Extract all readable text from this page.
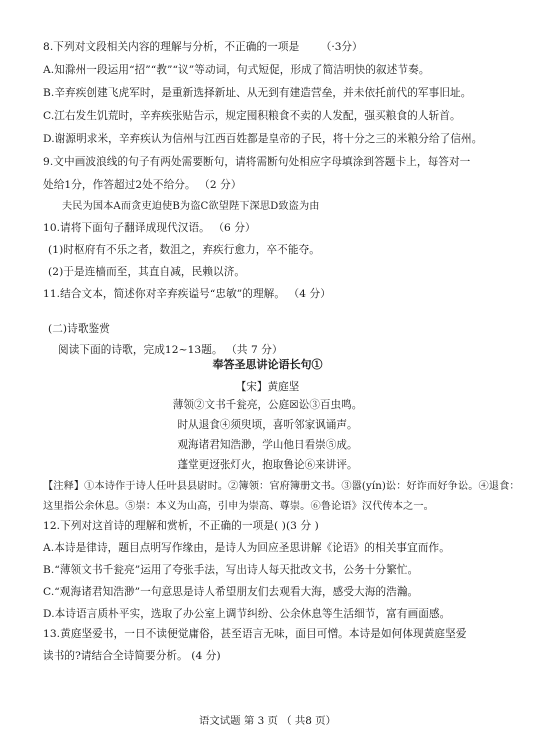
8.下列对文段相关内容的理解与分析，不正确的一项是 （·3分）
A.知滁州一段运用“招”“教”“议”等动词，句式短促，形成了简洁明快的叙述节奏。
B.辛弃疾创建飞虎军时，是重新选择新址、从无到有建造营垒，并未依托前代的军事旧址。
C.江右发生饥荒时，辛弃疾张贴告示，规定囤积粮食不卖的人发配，强买粮食的人斩首。
D.谢源明求米，辛弃疾认为信州与江西百姓都是皇帝的子民，将十分之三的米粮分给了信州。
9.文中画波浪线的句子有两处需要断句，请将需断句处相应字母填涂到答题卡上，每答对一
处给1分，作答超过2处不给分。 （2 分）
夫民为国本A而贪吏迫使B为盗C欲望陛下深思D致盗为由
10.请将下面句子翻译成现代汉语。 （6 分）
(1)时枢府有不乐之者，数沮之，弃疾行愈力，卒不能夺。
(2)于是连樯而至，其直自减，民赖以济。
11.结合文本，简述你对辛弃疾谥号“忠敏”的理解。 （4 分）
(二)诗歌鉴赏
阅读下面的诗歌，完成12~13题。 （共 7 分）
奉答圣思讲论语长句①
【宋】黄庭坚
薄领②文书千瓮亮，公庭☒讼③百虫鸣。
时从退食④须臾顷，喜听邻家讽诵声。
观海诸君知浩渺，学山他日看崇⑤成。
蓬堂更迓张灯火，抱取鲁论⑥来讲评。
【注释】①本诗作于诗人任叶县县尉时。②簿领：官府簿册文书。③嚣(yín)讼：好诈而好争讼。④退食：
这里指公余休息。⑤崇：本义为山高，引申为崇高、尊崇。⑥鲁论语》汉代传本之一。
12.下列对这首诗的理解和赏析，不正确的一项是( )(3 分 )
A.本诗是律诗，题目点明写作缘由，是诗人为回应圣思讲解《论语》的相关事宜而作。
B.“薄领文书千瓮亮”运用了夸张手法，写出诗人每天批改文书，公务十分繁忙。
C.“观海诸君知浩渺”一句意思是诗人希望朋友们去观看大海，感受大海的浩瀚。
D.本诗语言质朴平实，选取了办公室上调节纠纷、公余休息等生活细节，富有画面感。
13.黄庭坚爱书，一日不读便觉庸俗，甚至语言无味，面目可憎。本诗是如何体现黄庭坚爱
读书的?请结合全诗简要分析。 (4 分)
语文试题 第 3 页 （ 共8 页）
